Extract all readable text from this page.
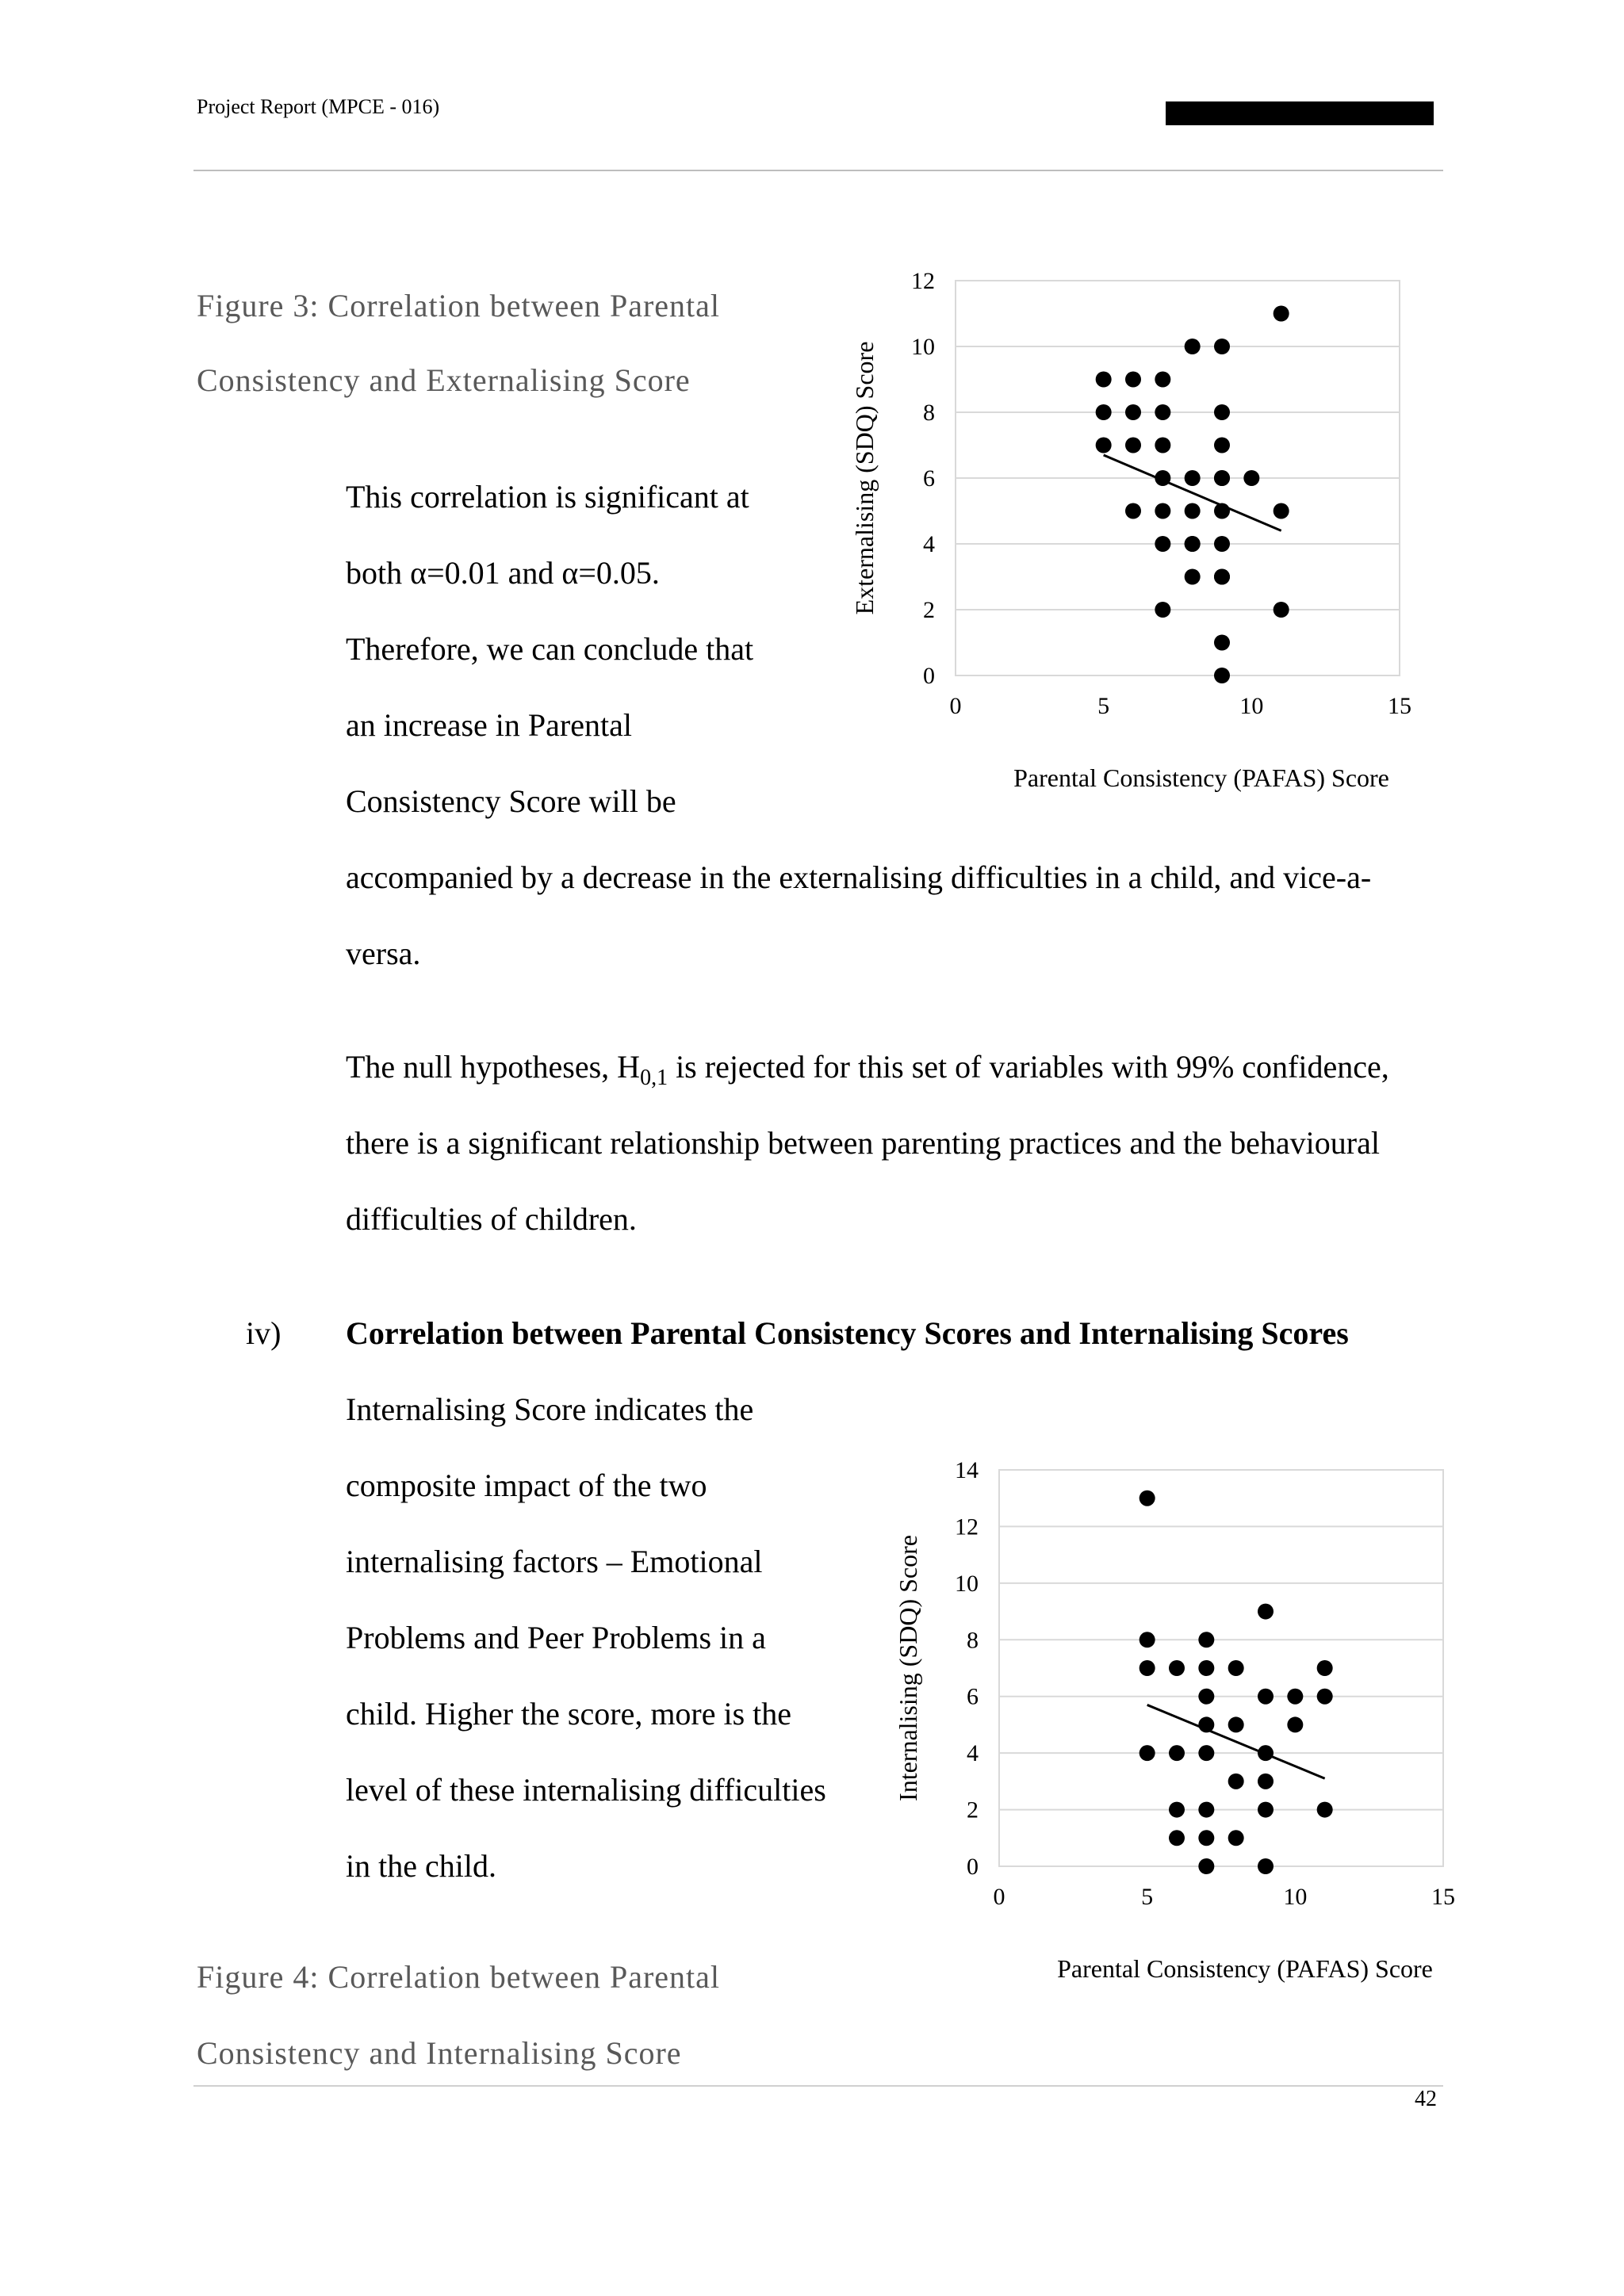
Project Report (MPCE - 016)
Figure 3: Correlation between Parental
Consistency and Externalising Score
This correlation is significant at
both α=0.01 and α=0.05.
Therefore, we can conclude that
an increase in Parental
Consistency Score will be
accompanied by a decrease in the externalising difficulties in a child, and vice-a-
versa.
The null hypotheses, $H_{0,1}$ is rejected for this set of variables with 99% confidence,
there is a significant relationship between parenting practices and the behavioural
difficulties of children.
iv) Correlation between Parental Consistency Scores and Internalising Scores
Internalising Score indicates the
composite impact of the two
internalising factors – Emotional
Problems and Peer Problems in a
child. Higher the score, more is the
level of these internalising difficulties
in the child.
Figure 4: Correlation between Parental
Consistency and Internalising Score
42
0
2
4
6
8
10
12
0	5	10	15
Parental Consistency (PAFAS) Score
Externalising (SDQ) Score
0
2
4
6
8
10
12
14
0	5	10	15
Parental Consistency (PAFAS) Score
Internalising (SDQ) Score
